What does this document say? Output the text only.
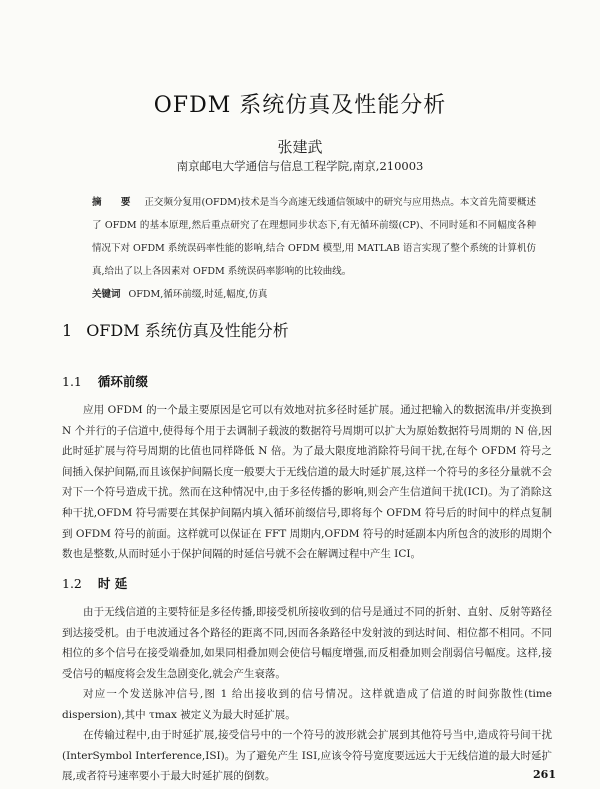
OFDM 系统仿真及性能分析
张建武
南京邮电大学通信与信息工程学院,南京,210003
摘 要 正交频分复用(OFDM)技术是当今高速无线通信领域中的研究与应用热点。本文首先简要概述了 OFDM 的基本原理,然后重点研究了在理想同步状态下,有无循环前缀(CP)、不同时延和不同幅度各种情况下对 OFDM 系统误码率性能的影响,结合 OFDM 模型,用 MATLAB 语言实现了整个系统的计算机仿真,给出了以上各因素对 OFDM 系统误码率影响的比较曲线。
关键词 OFDM,循环前缀,时延,幅度,仿真
1 OFDM 系统仿真及性能分析
1.1 循环前缀
应用 OFDM 的一个最主要原因是它可以有效地对抗多径时延扩展。通过把输入的数据流串/并变换到 N 个并行的子信道中,使得每个用于去调制子载波的数据符号周期可以扩大为原始数据符号周期的 N 倍,因此时延扩展与符号周期的比值也同样降低 N 倍。为了最大限度地消除符号间干扰,在每个 OFDM 符号之间插入保护间隔,而且该保护间隔长度一般要大于无线信道的最大时延扩展,这样一个符号的多径分量就不会对下一个符号造成干扰。然而在这种情况中,由于多径传播的影响,则会产生信道间干扰(ICI)。为了消除这种干扰,OFDM 符号需要在其保护间隔内填入循环前缀信号,即将每个 OFDM 符号后的时间中的样点复制到 OFDM 符号的前面。这样就可以保证在 FFT 周期内,OFDM 符号的时延副本内所包含的波形的周期个数也是整数,从而时延小于保护间隔的时延信号就不会在解调过程中产生 ICI。
1.2 时 延
由于无线信道的主要特征是多径传播,即接受机所接收到的信号是通过不同的折射、直射、反射等路径到达接受机。由于电波通过各个路径的距离不同,因而各条路径中发射波的到达时间、相位都不相同。不同相位的多个信号在接受端叠加,如果同相叠加则会使信号幅度增强,而反相叠加则会削弱信号幅度。这样,接受信号的幅度将会发生急剧变化,就会产生衰落。
对应一个发送脉冲信号,图 1 给出接收到的信号情况。这样就造成了信道的时间弥散性(time dispersion),其中 τmax 被定义为最大时延扩展。
在传输过程中,由于时延扩展,接受信号中的一个符号的波形就会扩展到其他符号当中,造成符号间干扰(InterSymbol Interference,ISI)。为了避免产生 ISI,应该令符号宽度要远远大于无线信道的最大时延扩展,或者符号速率要小于最大时延扩展的倒数。	261
